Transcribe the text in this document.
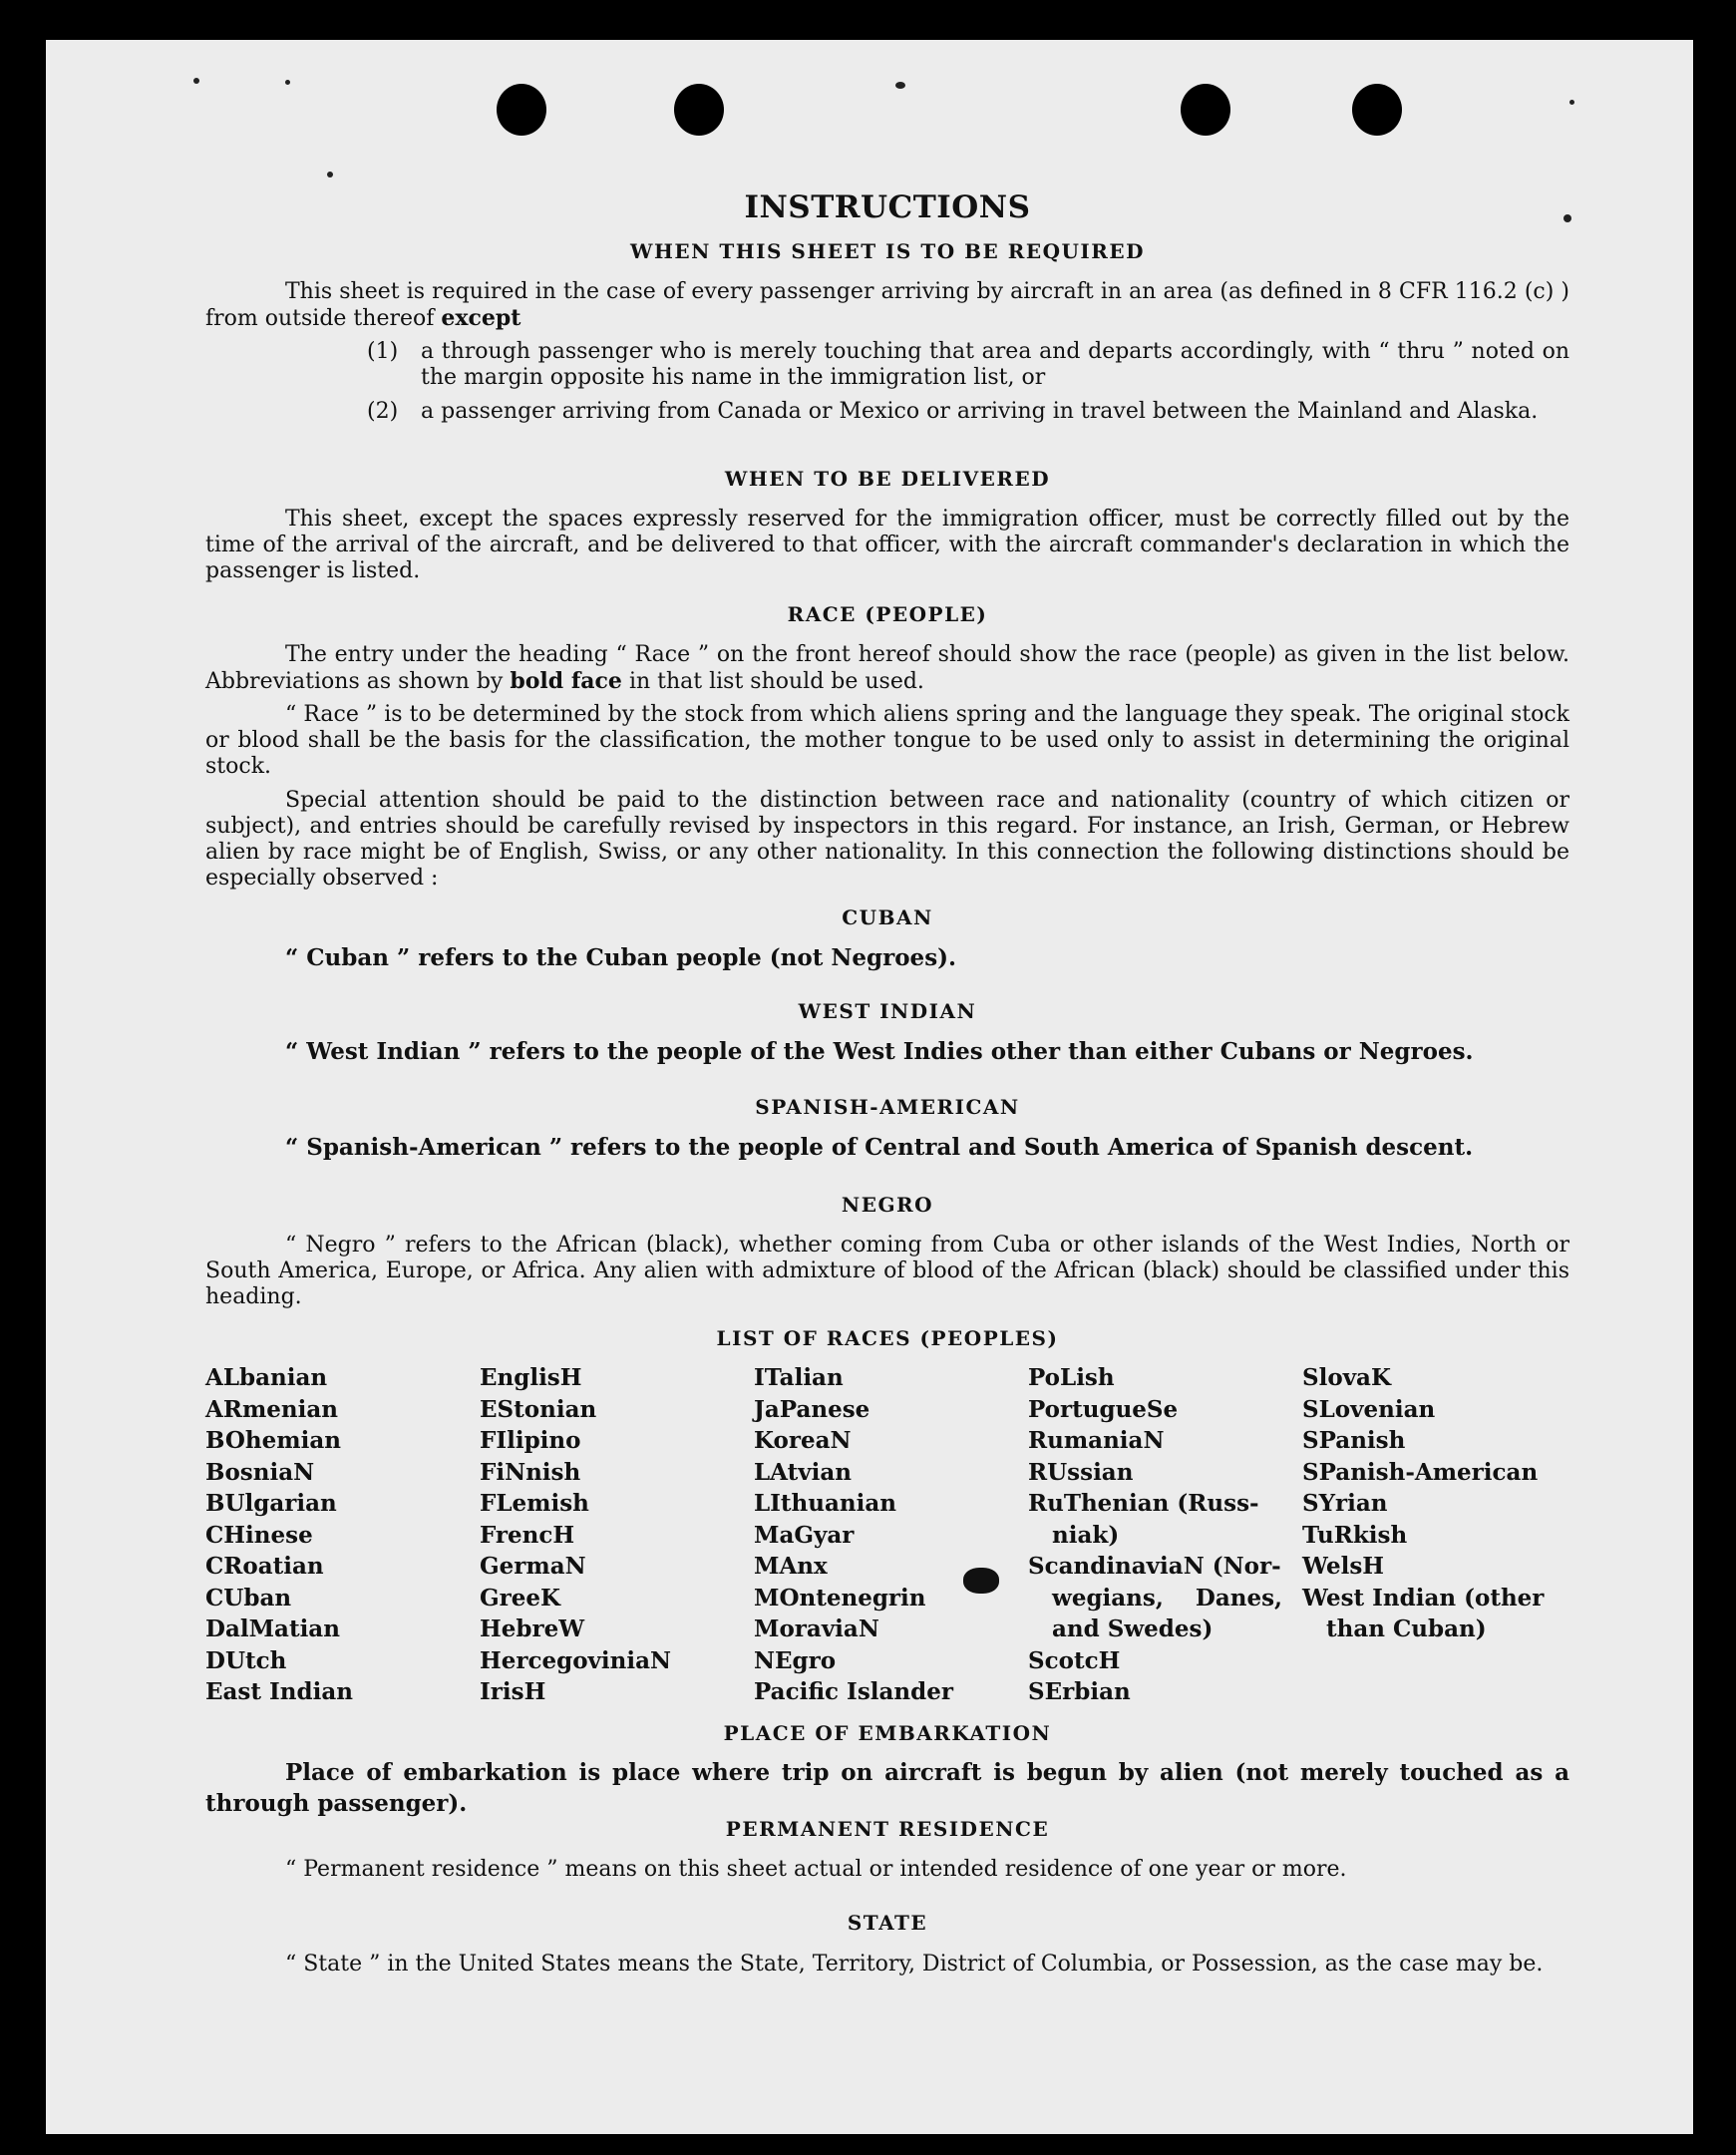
INSTRUCTIONS
WHEN THIS SHEET IS TO BE REQUIRED
This sheet is required in the case of every passenger arriving by aircraft in an area (as defined in 8 CFR 116.2 (c) ) from outside thereof except
(1) a through passenger who is merely touching that area and departs accordingly, with “ thru ” noted on the margin opposite his name in the immigration list, or
(2) a passenger arriving from Canada or Mexico or arriving in travel between the Mainland and Alaska.
WHEN TO BE DELIVERED
This sheet, except the spaces expressly reserved for the immigration officer, must be correctly filled out by the time of the arrival of the aircraft, and be delivered to that officer, with the aircraft commander's declaration in which the passenger is listed.
RACE (PEOPLE)
The entry under the heading “ Race ” on the front hereof should show the race (people) as given in the list below. Abbreviations as shown by bold face in that list should be used.
“ Race ” is to be determined by the stock from which aliens spring and the language they speak. The original stock or blood shall be the basis for the classification, the mother tongue to be used only to assist in determining the original stock.
Special attention should be paid to the distinction between race and nationality (country of which citizen or subject), and entries should be carefully revised by inspectors in this regard. For instance, an Irish, German, or Hebrew alien by race might be of English, Swiss, or any other nationality. In this connection the following distinctions should be especially observed :
CUBAN
“ Cuban ” refers to the Cuban people (not Negroes).
WEST INDIAN
“ West Indian ” refers to the people of the West Indies other than either Cubans or Negroes.
SPANISH-AMERICAN
“ Spanish-American ” refers to the people of Central and South America of Spanish descent.
NEGRO
“ Negro ” refers to the African (black), whether coming from Cuba or other islands of the West Indies, North or South America, Europe, or Africa. Any alien with admixture of blood of the African (black) should be classified under this heading.
LIST OF RACES (PEOPLES)
ALbanian
ARmenian
BOhemian
BosniaN
BUlgarian
CHinese
CRoatian
CUban
DalMatian
DUtch
East Indian
EnglisH
EStonian
FIlipino
FiNnish
FLemish
FrencH
GermaN
GreeK
HebreW
HercegoviniaN
IrisH
ITalian
JaPanese
KoreaN
LAtvian
LIthuanian
MaGyar
MAnx
MOntenegrin
MoraviaN
NEgro
Pacific Islander
PoLish
PortugueSe
RumaniaN
RUssian
RuThenian (Russ-
niak)
ScandinaviaN (Nor-
wegians,    Danes,
and Swedes)
ScotcH
SErbian
SlovaK
SLovenian
SPanish
SPanish-American
SYrian
TuRkish
WelsH
West Indian (other
than Cuban)
PLACE OF EMBARKATION
Place of embarkation is place where trip on aircraft is begun by alien (not merely touched as a through passenger).
PERMANENT RESIDENCE
“ Permanent residence ” means on this sheet actual or intended residence of one year or more.
STATE
“ State ” in the United States means the State, Territory, District of Columbia, or Possession, as the case may be.
